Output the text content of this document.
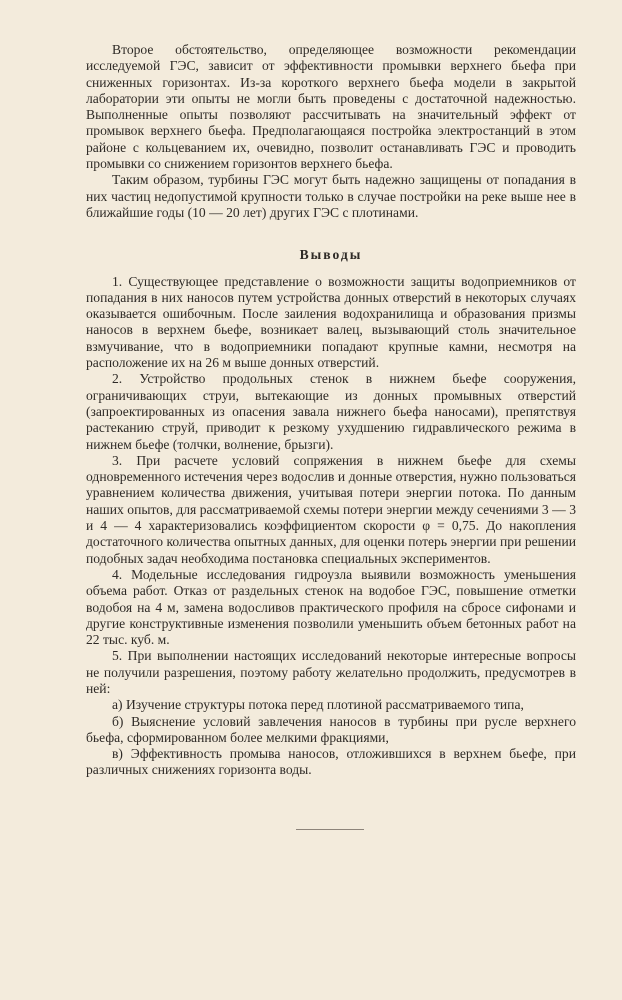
Второе обстоятельство, определяющее возможности рекомендации исследуемой ГЭС, зависит от эффективности промывки верхнего бьефа при сниженных горизонтах. Из-за короткого верхнего бьефа модели в закрытой лаборатории эти опыты не могли быть проведены с достаточной надежностью. Выполненные опыты позволяют рассчитывать на значительный эффект от промывок верхнего бьефа. Предполагающаяся постройка электростанций в этом районе с кольцеванием их, очевидно, позволит останавливать ГЭС и проводить промывки со снижением горизонтов верхнего бьефа.

Таким образом, турбины ГЭС могут быть надежно защищены от попадания в них частиц недопустимой крупности только в случае постройки на реке выше нее в ближайшие годы (10 — 20 лет) других ГЭС с плотинами.

Выводы

1. Существующее представление о возможности защиты водоприемников от попадания в них наносов путем устройства донных отверстий в некоторых случаях оказывается ошибочным. После заиления водохранилища и образования призмы наносов в верхнем бьефе, возникает валец, вызывающий столь значительное взмучивание, что в водоприемники попадают крупные камни, несмотря на расположение их на 26 м выше донных отверстий.

2. Устройство продольных стенок в нижнем бьефе сооружения, ограничивающих струи, вытекающие из донных промывных отверстий (запроектированных из опасения завала нижнего бьефа наносами), препятствуя растеканию струй, приводит к резкому ухудшению гидравлического режима в нижнем бьефе (толчки, волнение, брызги).

3. При расчете условий сопряжения в нижнем бьефе для схемы одновременного истечения через водослив и донные отверстия, нужно пользоваться уравнением количества движения, учитывая потери энергии потока. По данным наших опытов, для рассматриваемой схемы потери энергии между сечениями 3 — 3 и 4 — 4 характеризовались коэффициентом скорости φ = 0,75. До накопления достаточного количества опытных данных, для оценки потерь энергии при решении подобных задач необходима постановка специальных экспериментов.

4. Модельные исследования гидроузла выявили возможность уменьшения объема работ. Отказ от раздельных стенок на водобое ГЭС, повышение отметки водобоя на 4 м, замена водосливов практического профиля на сбросе сифонами и другие конструктивные изменения позволили уменьшить объем бетонных работ на 22 тыс. куб. м.

5. При выполнении настоящих исследований некоторые интересные вопросы не получили разрешения, поэтому работу желательно продолжить, предусмотрев в ней:

а) Изучение структуры потока перед плотиной рассматриваемого типа,

б) Выяснение условий завлечения наносов в турбины при русле верхнего бьефа, сформированном более мелкими фракциями,

в) Эффективность промыва наносов, отложившихся в верхнем бьефе, при различных снижениях горизонта воды.
